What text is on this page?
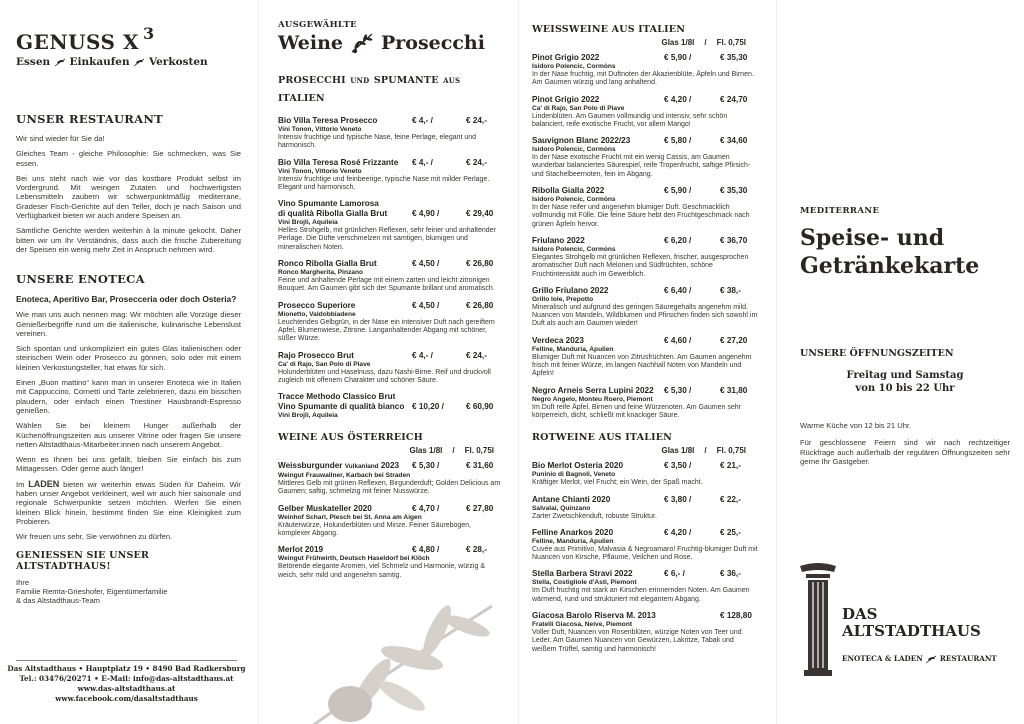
GENUSS X 3
Essen Einkaufen Verkosten
UNSER RESTAURANT

Wir sind wieder für Sie da!

Gleiches Team - gleiche Philosophie: Sie schmecken, was Sie essen.

Bei uns steht nach wie vor das kostbare Produkt selbst im Vordergrund. Mit weingen Zutaten und hochwertigsten Lebensmitteln zaubern wir schwerpunktmäßig mediterrane, Gradeser Fisch-Gerichte auf den Teller, doch je nach Saison und Verfügbarkeit bieten wir auch andere Speisen an.

Sämtliche Gerichte werden weiterhin à la minute gekocht. Daher bitten wir um Ihr Verständnis, dass auch die frische Zubereitung der Speisen ein wenig mehr Zeit in Anspruch nehmen wird.

UNSERE ENOTECA

Enoteca, Aperitivo Bar, Prosecceria oder doch Osteria?

Wie man uns auch nennen mag: Wir möchten alle Vorzüge dieser Genießerbegriffe rund um die italienische, kulinarische Lebenslust vereinen.

Sich spontan und unkompliziert ein gutes Glas italienischen oder steirischen Wein oder Prosecco zu gönnen, solo oder mit einem kleinen Verkostungsteller, hat etwas für sich.

Einen „Buon mattino“ kann man in unserer Enoteca wie in Italien mit Cappuccino, Cornetti und Tarte zelebrieren, dazu ein bisschen plaudern, oder einfach einen Triestiner Hausbrandt-Espresso genießen.

Wählen Sie bei kleinem Hunger außerhalb der Küchenöffnungszeiten aus unserer Vitrine oder fragen Sie unsere netten Altstadthaus-Mitarbeiter:innen nach unserem Angebot.

Wenn es Ihnen bei uns gefällt, bleiben Sie einfach bis zum Mittagessen. Oder gerne auch länger!

Im LADEN bieten wir weiterhin etwas Süden für Daheim. Wir haben unser Angebot verkleinert, weil wir auch hier saisonale und regionale Schwerpunkte setzen möchten. Werfen Sie einen kleinen Blick hinein, bestimmt finden Sie eine Kleinigkeit zum Probieren.

Wir freuen uns sehr, Sie verwöhnen zu dürfen.

GENIESSEN SIE UNSER ALTSTADTHAUS!
Ihre
Familie Remta-Grieshofer, Eigentümerfamilie
& das Altstadthaus-Team
Das Altstadthaus • Hauptplatz 19 • 8490 Bad Radkersburg
Tel.: 03476/20271 • E-Mail: info@das-altstadthaus.at
www.das-altstadthaus.at
www.facebook.com/dasaltstadthaus
AUSGEWÄHLTE
Weine Prosecchi
PROSECCHI UND SPUMANTE AUS ITALIEN
Bio Villa Teresa Prosecco	€ 4,- /	€ 24,-
Vini Tonon, Vittorio Veneto
Intensiv fruchtige und typische Nase, feine Perlage, elegant und harmonisch.
Bio Villa Teresa Rosé Frizzante	€ 4,- /	€ 24,-
Vini Tonon, Vittorio Veneto
Intensiv fruchtige und feinbeerige, typische Nase mit milder Perlage. Elegant und harmonisch.
Vino Spumante Lamorosa
di qualità Ribolla Gialla Brut	€ 4,90 /	€ 29,40
Vini Brojli, Aquileia
Helles Strohgelb, mit grünlichen Reflexen, sehr feiner und anhaltender Perlage. Die Düfte verschmelzen mit samtigen, blumigen und mineralischen Noten.
Ronco Ribolla Gialla Brut	€ 4,50 /	€ 26,80
Ronco Margherita, Pinzano
Feine und anhaltende Perlage mit einem zarten und leicht zitronigen Bouquet. Am Gaumen gibt sich der Spumante brillant und aromatisch.
Prosecco Superiore	€ 4,50 /	€ 26,80
Mionetto, Valdobbiadene
Leuchtendes Gelbgrün, in der Nase ein intensiver Duft nach gereiftem Apfel, Blumenwiese, Zitrone. Langanhaltender Abgang mit schöner, süßer Würze.
Rajo Prosecco Brut	€ 4,- /	€ 24,-
Ca' di Rajo, San Polo di Piave
Holunderblüten und Haselnuss, dazu Nashi-Birne. Reif und druckvoll zugleich mit offenem Charakter und schöner Säure.
Tracce Methodo Classico Brut
Vino Spumante di qualità bianco € 10,20 /	€ 60,90
Vini Brojli, Aquileia
WEINE AUS ÖSTERREICH
Glas 1/8l / Fl. 0,75l
Weissburgunder Vulkanland 2023	€ 5,30 /	€ 31,60
Weingut Frauwallner, Karbach bei Straden
Mittleres Gelb mit grünen Reflexen, Birgunderduft; Golden Delicious am Gaumen; saftig, schmelzig mit feiner Nusswürze.
Gelber Muskateller 2020	€ 4,70 /	€ 27,80
Weinhof Scharl, Plesch bei St. Anna am Aigen
Kräuterwürze, Holunderblüten und Minze. Feiner Säurebogen, komplexer Abgang.
Merlot 2019	€ 4,80 /	€ 28,-
Weingut Frühwirth, Deutsch Haseldorf bei Klöch
Betörende elegante Aromen, viel Schmelz und Harmonie, würzig & weich, sehr mild und angenehm samtig.
WEISSWEINE AUS ITALIEN
Glas 1/8l / Fl. 0,75l
Pinot Grigio 2022	€ 5,90 /	€ 35,30
Isidoro Polencic, Cormòns
In der Nase fruchtig, mit Duftnoten der Akazienblüte, Äpfeln und Birnen. Am Gaumen würzig und lang anhaltend.
Pinot Grigio 2022	€ 4,20 /	€ 24,70
Ca' di Rajo, San Polo di Piave
Lindenblüten. Am Gaumen vollmundig und intensiv, sehr schön balanciert, reife exotische Frucht, vor allem Mango!
Sauvignon Blanc 2022/23	€ 5,80 /	€ 34,60
Isidoro Polencic, Cormòns
In der Nase exotische Frucht mit ein wenig Cassis, am Gaumen wunderbar balanciertes Säurespiel, reife Tropenfrucht, saftige Pfirsich- und Stachelbeernoten, fein im Abgang.
Ribolla Gialla 2022	€ 5,90 /	€ 35,30
Isidoro Polencic, Cormòns
In der Nase reifer und angenehm blumiger Duft. Geschmacklich vollmundig mit Fülle. Die feine Säure hebt den Fruchtgeschmack nach grünen Äpfeln hervor.
Friulano 2022	€ 6,20 /	€ 36,70
Isidoro Polencic, Cormòns
Elegantes Strohgelb mit grünlichen Reflexen, frischer, ausgesprochen aromatischer Duft nach Melonen und Südfrüchten, schöne Fruchtintensität auch im Gewerblich.
Grillo Friulano 2022	€ 6,40 /	€ 38,-
Grillo Iole, Prepotto
Mineralisch und aufgrund des geringen Säuregehalts angenehm mild. Nuancen von Mandeln, Wildblumen und Pfirsichen finden sich sowohl im Duft als auch am Gaumen wieder!
Verdeca 2023	€ 4,60 /	€ 27,20
Felline, Manduria, Apulien
Blumiger Duft mit Nuancen von Zitrusfrüchten. Am Gaumen angenehm frisch mit feiner Würze, im langen Nachhall Noten von Mandeln und Äpfeln!
Negro Arneis Serra Lupini 2022	€ 5,30 /	€ 31,80
Negro Angelo, Monteu Roero, Piemont
Im Duft reife Äpfel, Birnen und feine Würzenoten. Am Gaumen sehr körperreich, dicht, schließt mit knackiger Säure.
ROTWEINE AUS ITALIEN
Glas 1/8l / Fl. 0,75l
Bio Merlot Osteria 2020	€ 3,50 /	€ 21,-
Puninio di Bagnoli, Veneto
Kräftiger Merlot, viel Frucht; ein Wein, der Spaß macht.
Antane Chianti 2020	€ 3,80 /	€ 22,-
Salvalai, Quinzano
Zarter Zwetschkenduft, robuste Struktur.
Felline Anarkos 2020	€ 4,20 /	€ 25,-
Felline, Manduria, Apulien
Cuvée aus Primitivo, Malvasia & Negroamaro! Fruchtig-blumiger Duft mit Nuancen von Kirsche, Pflaume, Veilchen und Rose.
Stella Barbera Stravi 2022	€ 6,- /	€ 36,-
Stella, Costigliole d'Asti, Piemont
Im Duft fruchtig mit stark an Kirschen erinnernden Noten. Am Gaumen wärmend, rund und strukturiert mit elegantem Abgang.
Giacosa Barolo Riserva M. 2013	€ 128,80
Fratelli Giacosa, Neive, Piemont
Voller Duft, Nuancen von Rosenblüten, würzige Noten von Teer und Leder. Am Gaumen Nuancen von Gewürzen, Lakritze, Tabak und weißem Trüffel, samtig und harmonisch!
MEDITERRANE
Speise- und
Getränkekarte
UNSERE ÖFFNUNGSZEITEN
Freitag und Samstag
von 10 bis 22 Uhr

Warme Küche von 12 bis 21 Uhr.

Für geschlossene Feiern sind wir nach rechtzeitiger Rückfrage auch außerhalb der regulären Öffnungszeiten sehr gerne Ihr Gastgeber.

DAS
ALTSTADTHAUS
ENOTECA & LADEN RESTAURANT
